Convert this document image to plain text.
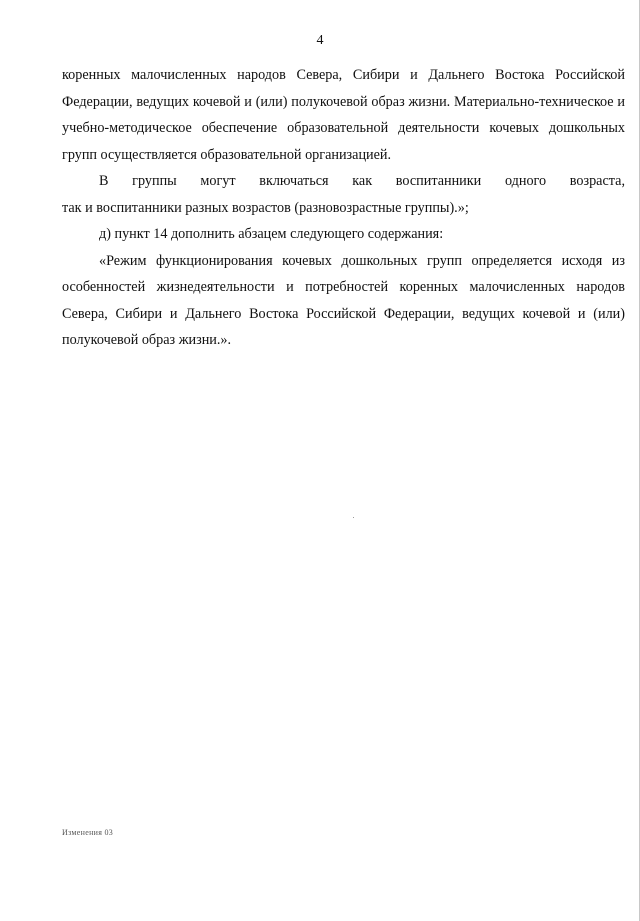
4

коренных малочисленных народов Севера, Сибири и Дальнего Востока Российской Федерации, ведущих кочевой и (или) полукочевой образ жизни. Материально-техническое и учебно-методическое обеспечение образовательной деятельности кочевых дошкольных групп осуществляется образовательной организацией.

В группы могут включаться как воспитанники одного возраста,

так и воспитанники разных возрастов (разновозрастные группы).»;

д) пункт 14 дополнить абзацем следующего содержания:

«Режим функционирования кочевых дошкольных групп определяется исходя из особенностей жизнедеятельности и потребностей коренных малочисленных народов Севера, Сибири и Дальнего Востока Российской Федерации, ведущих кочевой и (или) полукочевой образ жизни.».

Изменения 03
